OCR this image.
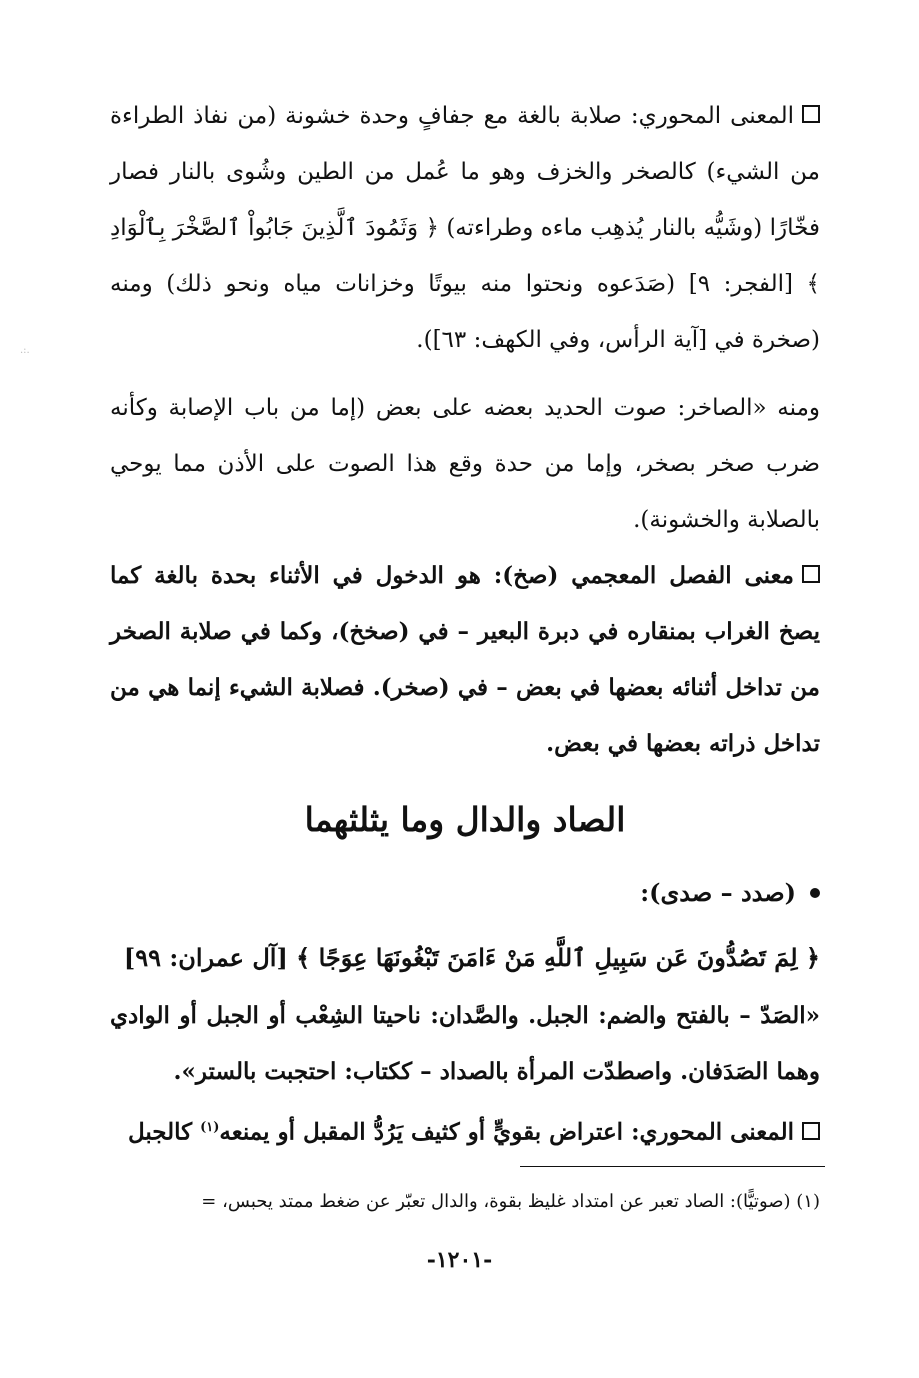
المعنى المحوري: صلابة بالغة مع جفافٍ وحدة خشونة (من نفاذ الطراءة من الشيء) كالصخر والخزف وهو ما عُمل من الطين وشُوى بالنار فصار فخّارًا (وشَيُّه بالنار يُذهِب ماءه وطراءته) ﴿ وَثَمُودَ ٱلَّذِينَ جَابُواْ ٱلصَّخْرَ بِٱلْوَادِ ﴾ [الفجر: ٩] (صَدَعوه ونحتوا منه بيوتًا وخزانات مياه ونحو ذلك) ومنه (صخرة في [آية الرأس، وفي الكهف: ٦٣]).

ومنه «الصاخر: صوت الحديد بعضه على بعض (إما من باب الإصابة وكأنه ضرب صخر بصخر، وإما من حدة وقع هذا الصوت على الأذن مما يوحي بالصلابة والخشونة).

معنى الفصل المعجمي (صخ): هو الدخول في الأثناء بحدة بالغة كما يصخ الغراب بمنقاره في دبرة البعير – في (صخخ)، وكما في صلابة الصخر من تداخل أثنائه بعضها في بعض – في (صخر). فصلابة الشيء إنما هي من تداخل ذراته بعضها في بعض.

الصاد والدال وما يثلثهما

(صدد – صدى):

﴿ لِمَ تَصُدُّونَ عَن سَبِيلِ ٱللَّهِ مَنْ ءَامَنَ تَبْغُونَهَا عِوَجًا ﴾ [آل عمران: ٩٩]

«الصَدّ – بالفتح والضم: الجبل. والصَّدان: ناحيتا الشِعْب أو الجبل أو الوادي وهما الصَدَفان. واصطدّت المرأة بالصداد – ككتاب: احتجبت بالستر».

المعنى المحوري: اعتراض بقويٍّ أو كثيف يَرُدُّ المقبل أو يمنعه$^{(١)}$ كالجبل

(١) (صوتيًّا): الصاد تعبر عن امتداد غليظ بقوة، والدال تعبّر عن ضغط ممتد يحبس، =

-١٢٠١-
.:.
